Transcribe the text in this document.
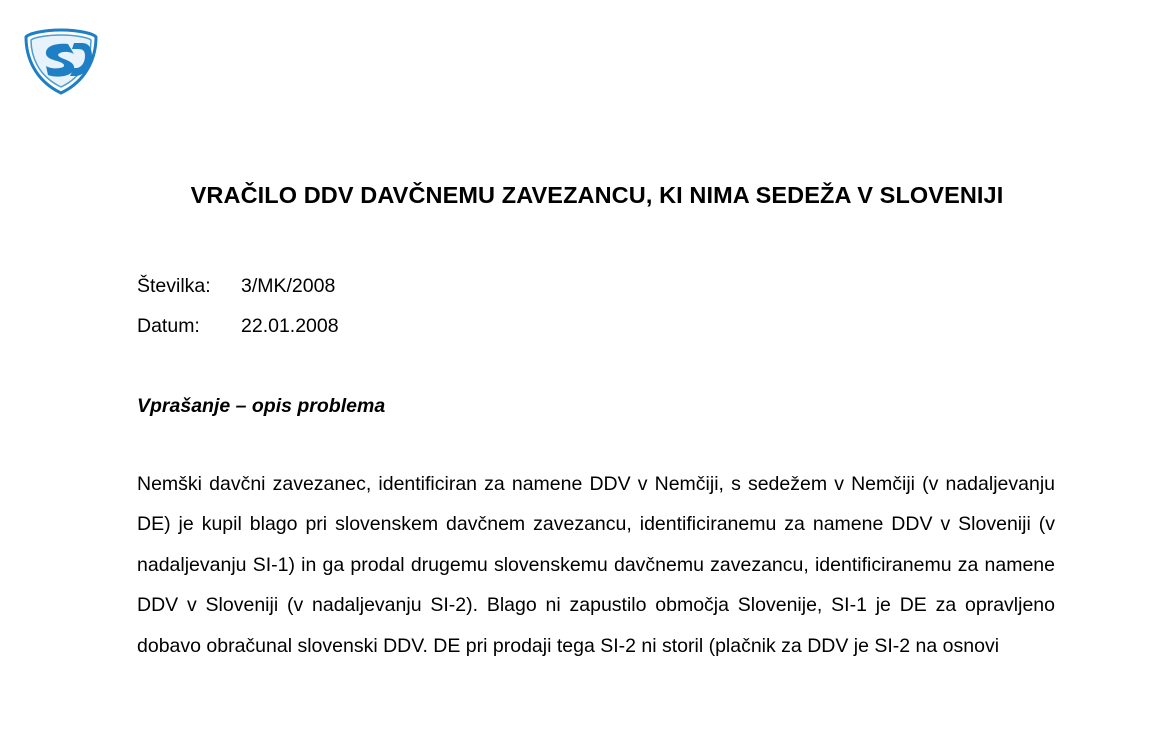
VRAČILO DDV DAVČNEMU ZAVEZANCU, KI NIMA SEDEŽA V SLOVENIJI
Številka:	3/MK/2008
Datum:	22.01.2008
Vprašanje – opis problema

Nemški davčni zavezanec, identificiran za namene DDV v Nemčiji, s sedežem v Nemčiji (v nadaljevanju DE) je kupil blago pri slovenskem davčnem zavezancu, identificiranemu za namene DDV v Sloveniji (v nadaljevanju SI-1) in ga prodal drugemu slovenskemu davčnemu zavezancu, identificiranemu za namene DDV v Sloveniji (v nadaljevanju SI-2). Blago ni zapustilo območja Slovenije, SI-1 je DE za opravljeno dobavo obračunal slovenski DDV. DE pri prodaji tega SI-2 ni storil (plačnik za DDV je SI-2 na osnovi
